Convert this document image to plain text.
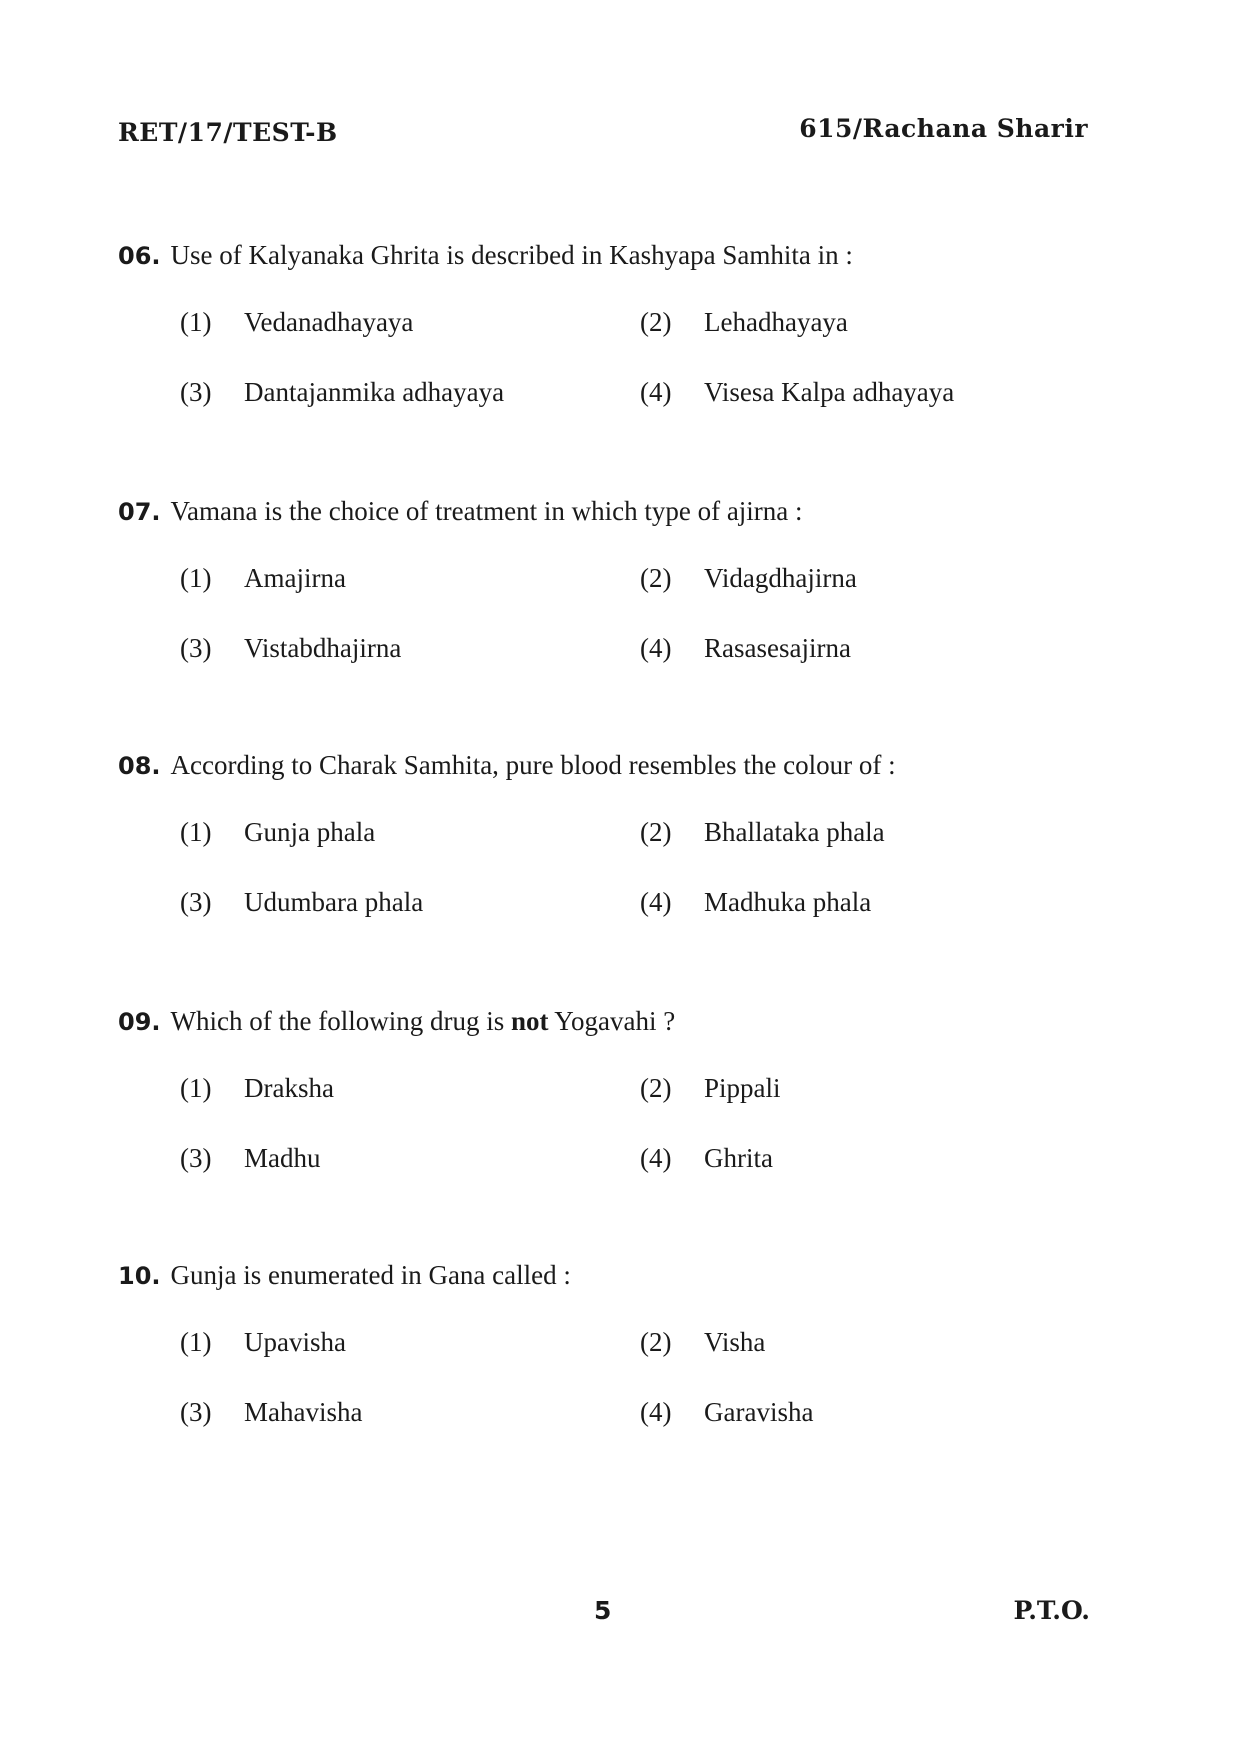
RET/17/TEST-B	615/Rachana Sharir
06. Use of Kalyanaka Ghrita is described in Kashyapa Samhita in :
(1) Vedanadhayaya	(2) Lehadhayaya
(3) Dantajanmika adhayaya	(4) Visesa Kalpa adhayaya
07. Vamana is the choice of treatment in which type of ajirna :
(1) Amajirna	(2) Vidagdhajirna
(3) Vistabdhajirna	(4) Rasasesajirna
08. According to Charak Samhita, pure blood resembles the colour of :
(1) Gunja phala	(2) Bhallataka phala
(3) Udumbara phala	(4) Madhuka phala
09. Which of the following drug is not Yogavahi ?
(1) Draksha	(2) Pippali
(3) Madhu	(4) Ghrita
10. Gunja is enumerated in Gana called :
(1) Upavisha	(2) Visha
(3) Mahavisha	(4) Garavisha
5	P.T.O.
